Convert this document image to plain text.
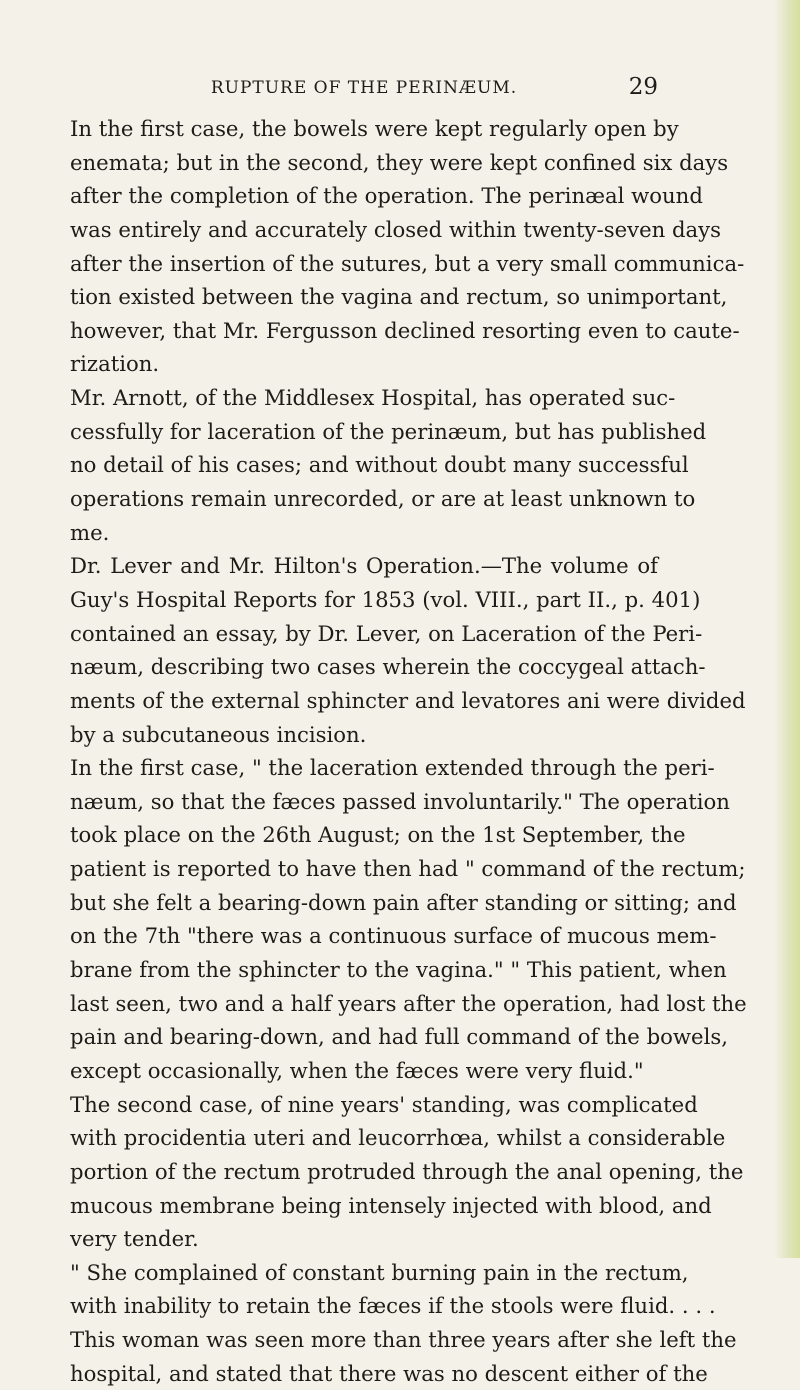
RUPTURE OF THE PERINÆUM.	29
In the first case, the bowels were kept regularly open by
enemata; but in the second, they were kept confined six days
after the completion of the operation. The perinæal wound
was entirely and accurately closed within twenty-seven days
after the insertion of the sutures, but a very small communica-
tion existed between the vagina and rectum, so unimportant,
however, that Mr. Fergusson declined resorting even to caute-
rization.
Mr. Arnott, of the Middlesex Hospital, has operated suc-
cessfully for laceration of the perinæum, but has published
no detail of his cases; and without doubt many successful
operations remain unrecorded, or are at least unknown to
me.
Dr. Lever and Mr. Hilton's Operation.—The volume of
Guy's Hospital Reports for 1853 (vol. VIII., part II., p. 401)
contained an essay, by Dr. Lever, on Laceration of the Peri-
næum, describing two cases wherein the coccygeal attach-
ments of the external sphincter and levatores ani were divided
by a subcutaneous incision.
In the first case, " the laceration extended through the peri-
næum, so that the fæces passed involuntarily." The operation
took place on the 26th August; on the 1st September, the
patient is reported to have then had " command of the rectum;
but she felt a bearing-down pain after standing or sitting; and
on the 7th "there was a continuous surface of mucous mem-
brane from the sphincter to the vagina." " This patient, when
last seen, two and a half years after the operation, had lost the
pain and bearing-down, and had full command of the bowels,
except occasionally, when the fæces were very fluid."
The second case, of nine years' standing, was complicated
with procidentia uteri and leucorrhœa, whilst a considerable
portion of the rectum protruded through the anal opening, the
mucous membrane being intensely injected with blood, and
very tender.
" She complained of constant burning pain in the rectum,
with inability to retain the fæces if the stools were fluid. . . .
This woman was seen more than three years after she left the
hospital, and stated that there was no descent either of the
